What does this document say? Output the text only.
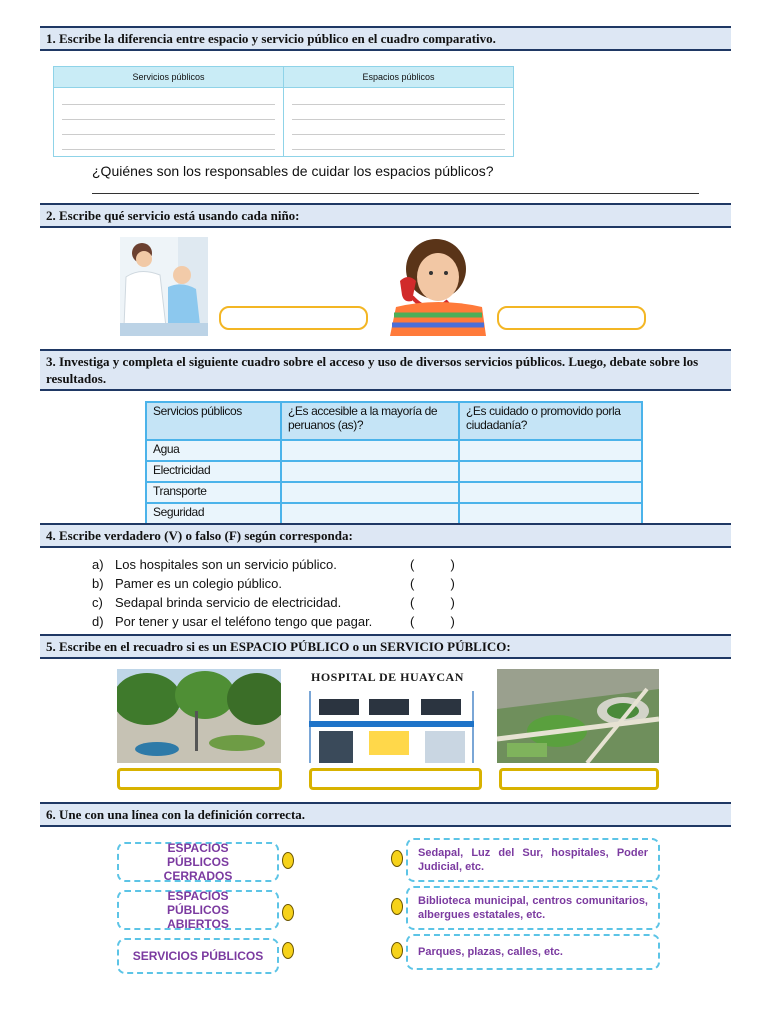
1. Escribe la diferencia entre espacio y servicio público en el cuadro comparativo.
Servicios públicos	Espacios públicos
¿Quiénes son los responsables de cuidar los espacios públicos?
2. Escribe qué servicio está usando cada niño:
3. Investiga y completa el siguiente cuadro sobre el acceso y uso de diversos servicios públicos. Luego, debate sobre los resultados.
Servicios públicos	¿Es accesible a la mayoría de peruanos (as)?	¿Es cuidado o promovido porla ciudadanía?
Agua		
Electricidad		
Transporte		
Seguridad		
4. Escribe verdadero (V) o falso (F) según corresponda:
a) Los hospitales son un servicio público.	(          )
b) Pamer es un colegio público.	(          )
c) Sedapal brinda servicio de electricidad.	(          )
d) Por tener y usar el teléfono tengo que pagar.	(          )
5. Escribe en el recuadro si es un ESPACIO PÚBLICO o un SERVICIO PÚBLICO:
HOSPITAL DE HUAYCAN
6. Une con una línea con la definición correcta.
ESPACIOS PÚBLICOS CERRADOS
ESPACIOS PÚBLICOS ABIERTOS
SERVICIOS PÚBLICOS
Sedapal, Luz del Sur, hospitales, Poder Judicial, etc.
Biblioteca municipal, centros comunitarios, albergues estatales, etc.
Parques, plazas, calles, etc.
